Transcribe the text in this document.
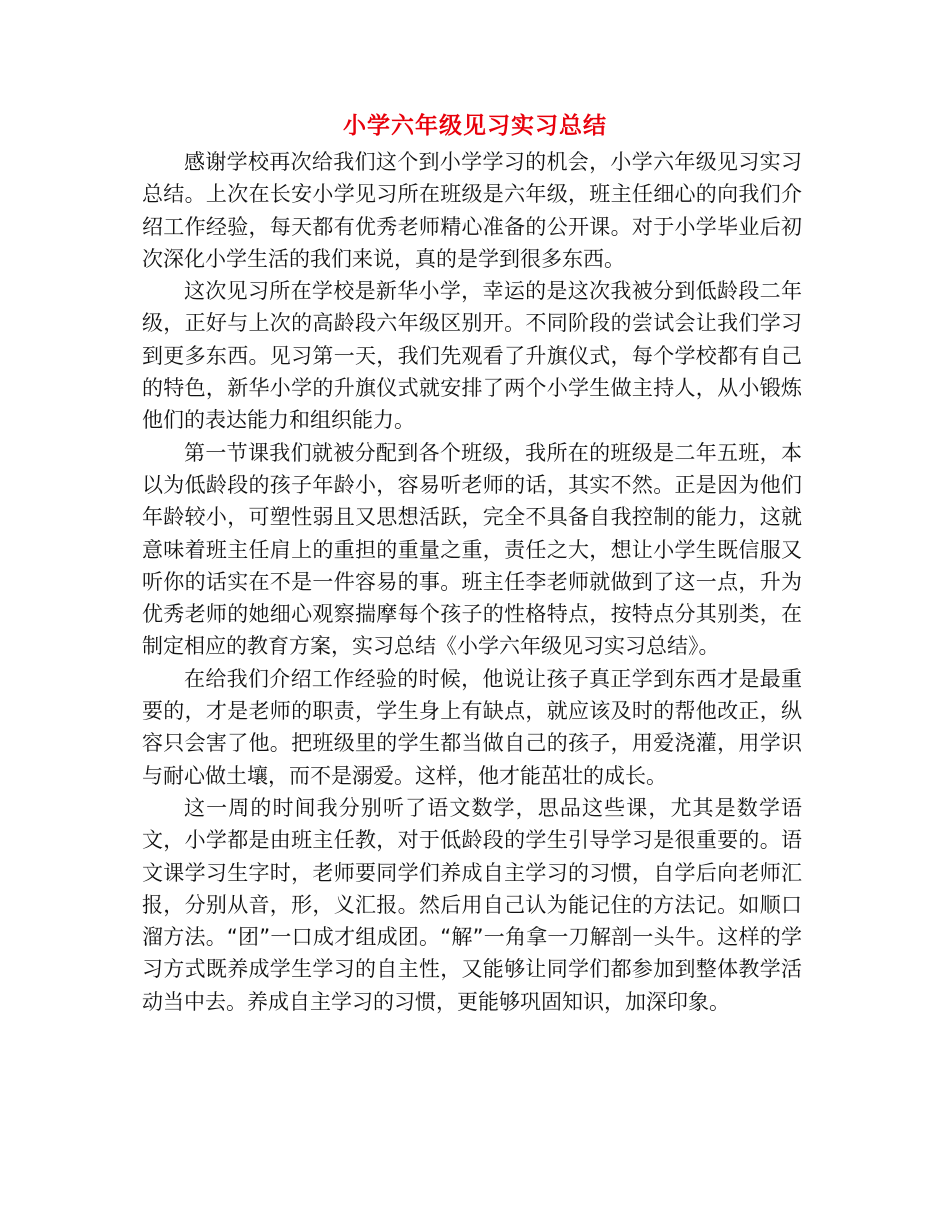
小学六年级见习实习总结

感谢学校再次给我们这个到小学学习的机会，小学六年级见习实习总结。上次在长安小学见习所在班级是六年级，班主任细心的向我们介绍工作经验，每天都有优秀老师精心准备的公开课。对于小学毕业后初次深化小学生活的我们来说，真的是学到很多东西。

这次见习所在学校是新华小学，幸运的是这次我被分到低龄段二年级，正好与上次的高龄段六年级区别开。不同阶段的尝试会让我们学习到更多东西。见习第一天，我们先观看了升旗仪式，每个学校都有自己的特色，新华小学的升旗仪式就安排了两个小学生做主持人，从小锻炼他们的表达能力和组织能力。

第一节课我们就被分配到各个班级，我所在的班级是二年五班，本以为低龄段的孩子年龄小，容易听老师的话，其实不然。正是因为他们年龄较小，可塑性弱且又思想活跃，完全不具备自我控制的能力，这就意味着班主任肩上的重担的重量之重，责任之大，想让小学生既信服又听你的话实在不是一件容易的事。班主任李老师就做到了这一点，升为优秀老师的她细心观察揣摩每个孩子的性格特点，按特点分其别类，在制定相应的教育方案，实习总结《小学六年级见习实习总结》。

在给我们介绍工作经验的时候，他说让孩子真正学到东西才是最重要的，才是老师的职责，学生身上有缺点，就应该及时的帮他改正，纵容只会害了他。把班级里的学生都当做自己的孩子，用爱浇灌，用学识与耐心做土壤，而不是溺爱。这样，他才能茁壮的成长。

这一周的时间我分别听了语文数学，思品这些课，尤其是数学语文，小学都是由班主任教，对于低龄段的学生引导学习是很重要的。语文课学习生字时，老师要同学们养成自主学习的习惯，自学后向老师汇报，分别从音，形，义汇报。然后用自己认为能记住的方法记。如顺口溜方法。“团”一口成才组成团。“解”一角拿一刀解剖一头牛。这样的学习方式既养成学生学习的自主性，又能够让同学们都参加到整体教学活动当中去。养成自主学习的习惯，更能够巩固知识，加深印象。
